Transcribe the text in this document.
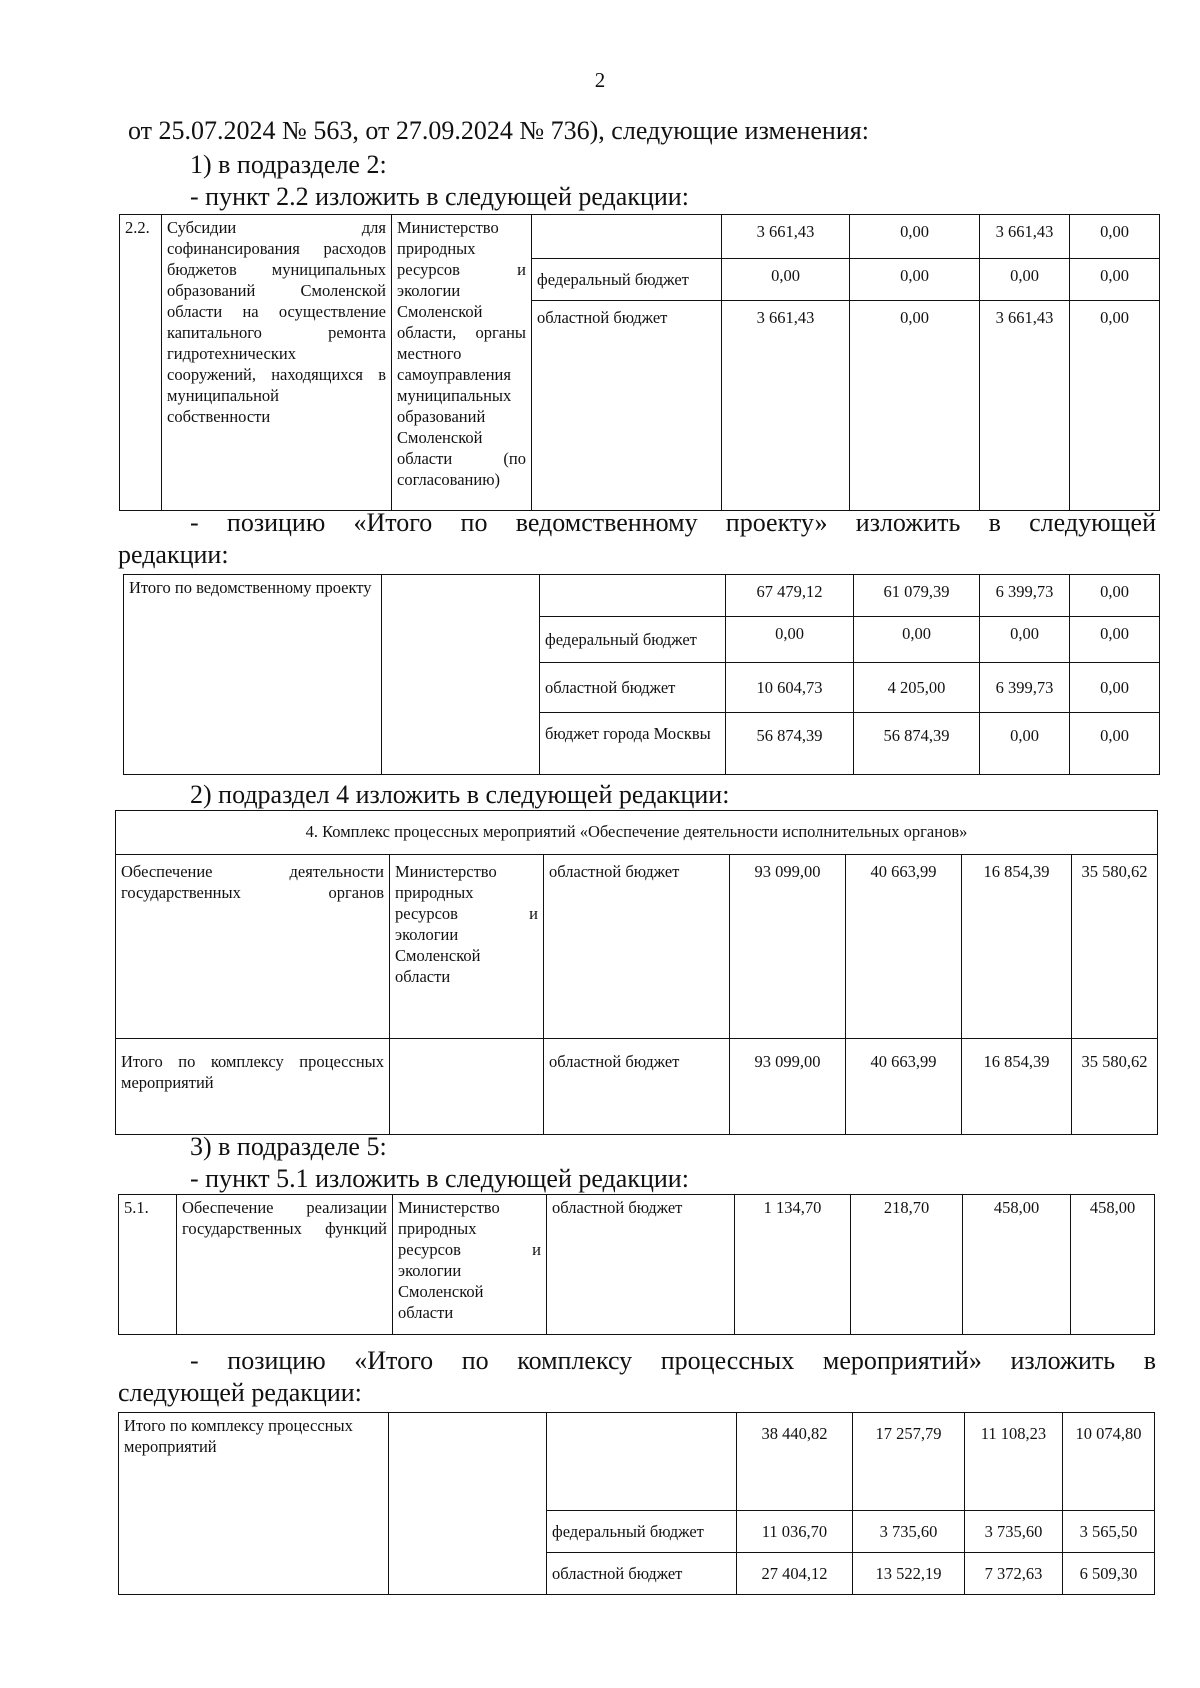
2
от 25.07.2024 № 563, от 27.09.2024 № 736), следующие изменения:
1) в подразделе 2:
- пункт 2.2 изложить в следующей редакции:
2.2.	Субсидии для софинансирования расходов бюджетов муниципальных образований Смоленской области на осуществление капитального ремонта гидротехнических сооружений, находящихся в муниципальной собственности	Министерство природных ресурсов и экологии Смоленской области, органы местного самоуправления муниципальных образований Смоленской области (по согласованию)		3 661,43	0,00	3 661,43	0,00
			федеральный бюджет	0,00	0,00	0,00	0,00
			областной бюджет	3 661,43	0,00	3 661,43	0,00
- позицию «Итого по ведомственному проекту» изложить в следующей
редакции:
Итого по ведомственному проекту			67 479,12	61 079,39	6 399,73	0,00
		федеральный бюджет	0,00	0,00	0,00	0,00
		областной бюджет	10 604,73	4 205,00	6 399,73	0,00
		бюджет города Москвы	56 874,39	56 874,39	0,00	0,00
2) подраздел 4 изложить в следующей редакции:
4. Комплекс процессных мероприятий «Обеспечение деятельности исполнительных органов»						
Обеспечение деятельности государственных органов	Министерство природных ресурсов и экологии Смоленской области	областной бюджет	93 099,00	40 663,99	16 854,39	35 580,62
Итого по комплексу процессных мероприятий		областной бюджет	93 099,00	40 663,99	16 854,39	35 580,62
3) в подразделе 5:
- пункт 5.1 изложить в следующей редакции:
5.1.	Обеспечение реализации государственных функций	Министерство природных ресурсов и экологии Смоленской области	областной бюджет	1 134,70	218,70	458,00	458,00
- позицию «Итого по комплексу процессных мероприятий» изложить в
следующей редакции:
Итого по комплексу процессных мероприятий			38 440,82	17 257,79	11 108,23	10 074,80
		федеральный бюджет	11 036,70	3 735,60	3 735,60	3 565,50
		областной бюджет	27 404,12	13 522,19	7 372,63	6 509,30
